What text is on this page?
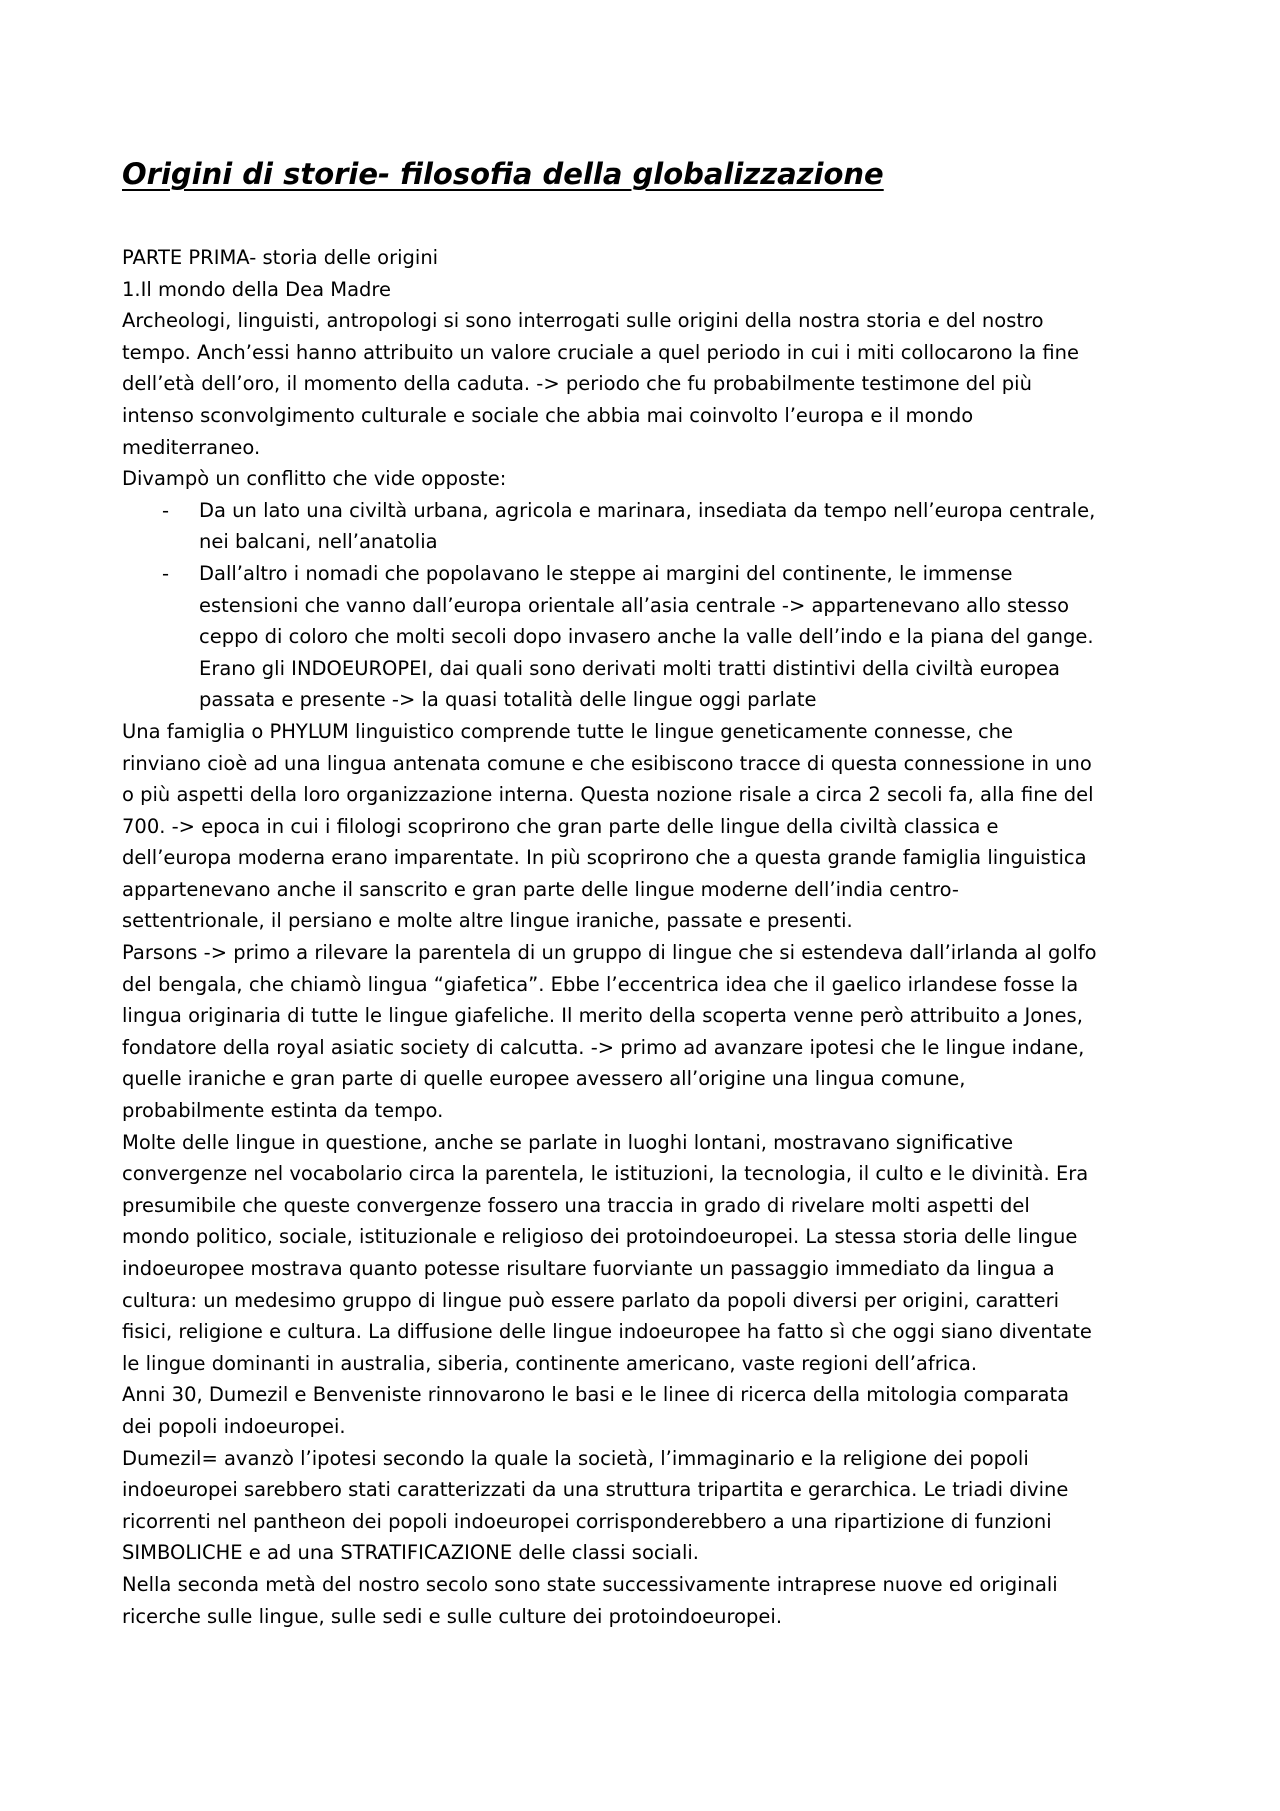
Origini di storie- filosofia della globalizzazione

PARTE PRIMA- storia delle origini

1.Il mondo della Dea Madre

Archeologi, linguisti, antropologi si sono interrogati sulle origini della nostra storia e del nostro

tempo. Anch’essi hanno attribuito un valore cruciale a quel periodo in cui i miti collocarono la fine

dell’età dell’oro, il momento della caduta. -> periodo che fu probabilmente testimone del più

intenso sconvolgimento culturale e sociale che abbia mai coinvolto l’europa e il mondo

mediterraneo.

Divampò un conflitto che vide opposte:

- Da un lato una civiltà urbana, agricola e marinara, insediata da tempo nell’europa centrale,

nei balcani, nell’anatolia

- Dall’altro i nomadi che popolavano le steppe ai margini del continente, le immense

estensioni che vanno dall’europa orientale all’asia centrale -> appartenevano allo stesso

ceppo di coloro che molti secoli dopo invasero anche la valle dell’indo e la piana del gange.

Erano gli INDOEUROPEI, dai quali sono derivati molti tratti distintivi della civiltà europea

passata e presente -> la quasi totalità delle lingue oggi parlate

Una famiglia o PHYLUM linguistico comprende tutte le lingue geneticamente connesse, che

rinviano cioè ad una lingua antenata comune e che esibiscono tracce di questa connessione in uno

o più aspetti della loro organizzazione interna. Questa nozione risale a circa 2 secoli fa, alla fine del

700. -> epoca in cui i filologi scoprirono che gran parte delle lingue della civiltà classica e

dell’europa moderna erano imparentate. In più scoprirono che a questa grande famiglia linguistica

appartenevano anche il sanscrito e gran parte delle lingue moderne dell’india centro-

settentrionale, il persiano e molte altre lingue iraniche, passate e presenti.

Parsons -> primo a rilevare la parentela di un gruppo di lingue che si estendeva dall’irlanda al golfo

del bengala, che chiamò lingua “giafetica”. Ebbe l’eccentrica idea che il gaelico irlandese fosse la

lingua originaria di tutte le lingue giafeliche. Il merito della scoperta venne però attribuito a Jones,

fondatore della royal asiatic society di calcutta. -> primo ad avanzare ipotesi che le lingue indane,

quelle iraniche e gran parte di quelle europee avessero all’origine una lingua comune,

probabilmente estinta da tempo.

Molte delle lingue in questione, anche se parlate in luoghi lontani, mostravano significative

convergenze nel vocabolario circa la parentela, le istituzioni, la tecnologia, il culto e le divinità. Era

presumibile che queste convergenze fossero una traccia in grado di rivelare molti aspetti del

mondo politico, sociale, istituzionale e religioso dei protoindoeuropei. La stessa storia delle lingue

indoeuropee mostrava quanto potesse risultare fuorviante un passaggio immediato da lingua a

cultura: un medesimo gruppo di lingue può essere parlato da popoli diversi per origini, caratteri

fisici, religione e cultura. La diffusione delle lingue indoeuropee ha fatto sì che oggi siano diventate

le lingue dominanti in australia, siberia, continente americano, vaste regioni dell’africa.

Anni 30, Dumezil e Benveniste rinnovarono le basi e le linee di ricerca della mitologia comparata

dei popoli indoeuropei.

Dumezil= avanzò l’ipotesi secondo la quale la società, l’immaginario e la religione dei popoli

indoeuropei sarebbero stati caratterizzati da una struttura tripartita e gerarchica. Le triadi divine

ricorrenti nel pantheon dei popoli indoeuropei corrisponderebbero a una ripartizione di funzioni

SIMBOLICHE e ad una STRATIFICAZIONE delle classi sociali.

Nella seconda metà del nostro secolo sono state successivamente intraprese nuove ed originali

ricerche sulle lingue, sulle sedi e sulle culture dei protoindoeuropei.
